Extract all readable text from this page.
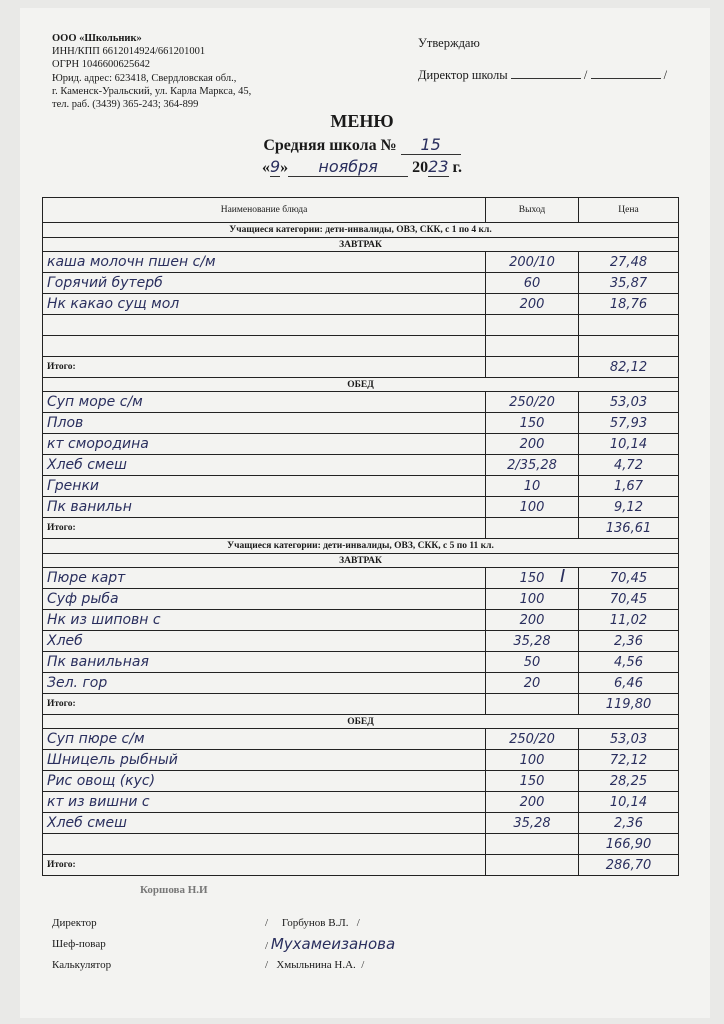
ООО «Школьник»
ИНН/КПП 6612014924/661201001
ОГРН 1046600625642
Юрид. адрес: 623418, Свердловская обл.,
г. Каменск-Уральский, ул. Карла Маркса, 45,
тел. раб. (3439) 365-243; 364-899
Утверждаю
Директор школы	/	/
МЕНЮ
Средняя школа № 15
«9» ноября 2023 г.
Наименование блюда	Выход	Цена
Учащиеся категории: дети-инвалиды, ОВЗ, СКК, с 1 по 4 кл.		
ЗАВТРАК		
каша молочн пшен с/м	200/10	27,48
Горячий бутерб	60	35,87
Нк какао сущ мол	200	18,76

Итого:		82,12
ОБЕД		
Суп море с/м	250/20	53,03
Плов	150	57,93
кт смородина	200	10,14
Хлеб смеш	2/35,28	4,72
Гренки	10	1,67
Пк ванильн	100	9,12
Итого:		136,61
Учащиеся категории: дети-инвалиды, ОВЗ, СКК, с 5 по 11 кл.		
ЗАВТРАК		
Пюре карт	150	70,45
Суф рыба	100	70,45
Нк из шиповн с	200	11,02
Хлеб	35,28	2,36
Пк ванильная	50	4,56
Зел. гор	20	6,46
Итого:		119,80
ОБЕД		
Суп пюре с/м	250/20	53,03
Шницель рыбный	100	72,12
Рис овощ (кус)	150	28,25
кт из вишни с	200	10,14
Хлеб смеш	35,28	2,36
		166,90
Итого:		286,70
I
Коршова Н.И
Директор	/ Горбунов В.Л. /
Шеф-повар	/ Мухамеизанова
Калькулятор	/ Хмыльнина Н.А. /
